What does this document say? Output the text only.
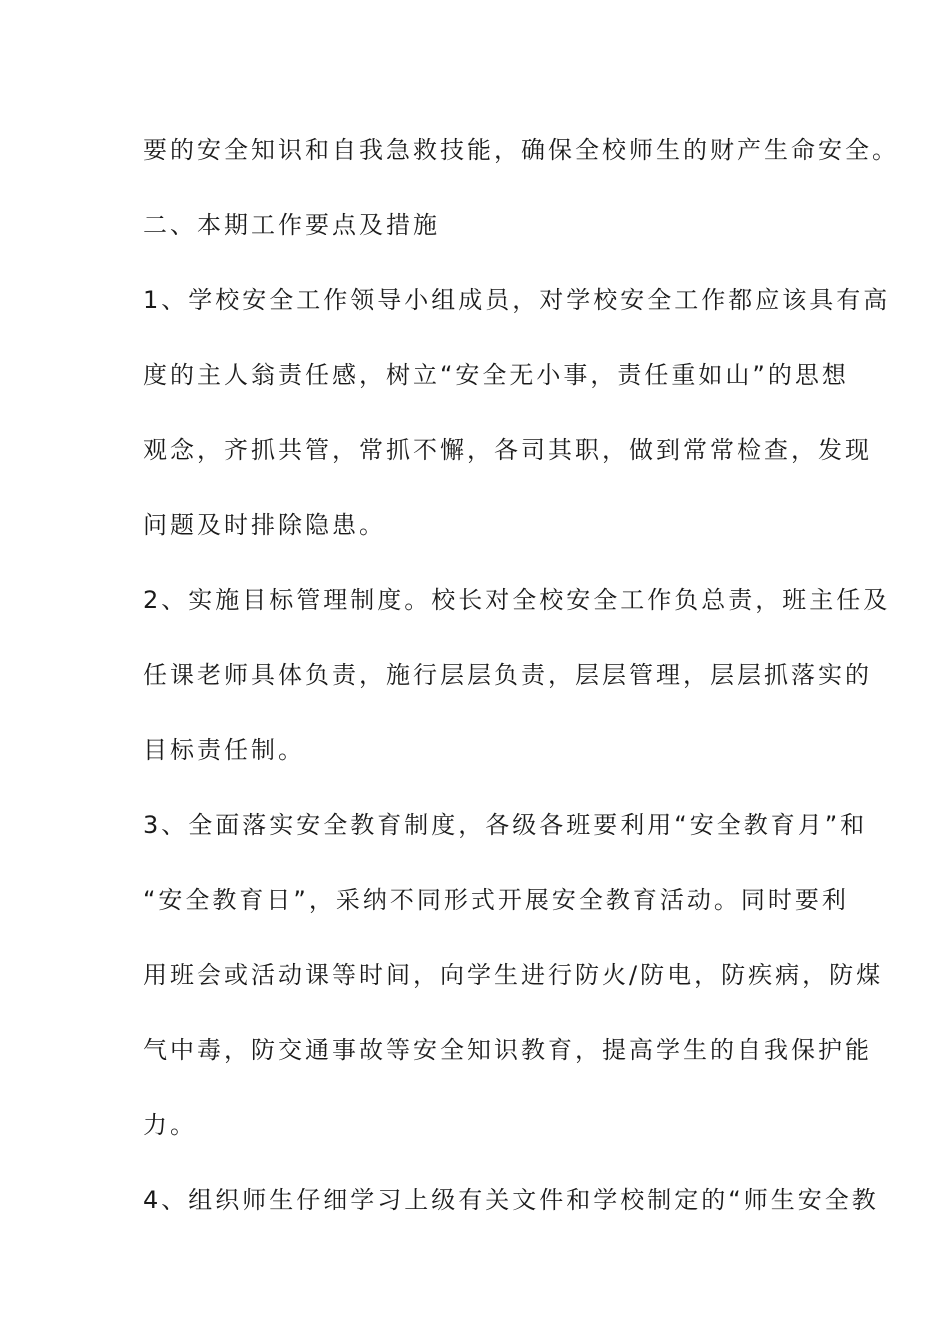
要的安全知识和自我急救技能，确保全校师生的财产生命安全。
二、本期工作要点及措施
1、学校安全工作领导小组成员，对学校安全工作都应该具有高
度的主人翁责任感，树立“安全无小事，责任重如山”的思想
观念，齐抓共管，常抓不懈，各司其职，做到常常检查，发现
问题及时排除隐患。
2、实施目标管理制度。校长对全校安全工作负总责，班主任及
任课老师具体负责，施行层层负责，层层管理，层层抓落实的
目标责任制。
3、全面落实安全教育制度，各级各班要利用“安全教育月”和
“安全教育日”，采纳不同形式开展安全教育活动。同时要利
用班会或活动课等时间，向学生进行防火/防电，防疾病，防煤
气中毒，防交通事故等安全知识教育，提高学生的自我保护能
力。
4、组织师生仔细学习上级有关文件和学校制定的“师生安全教
